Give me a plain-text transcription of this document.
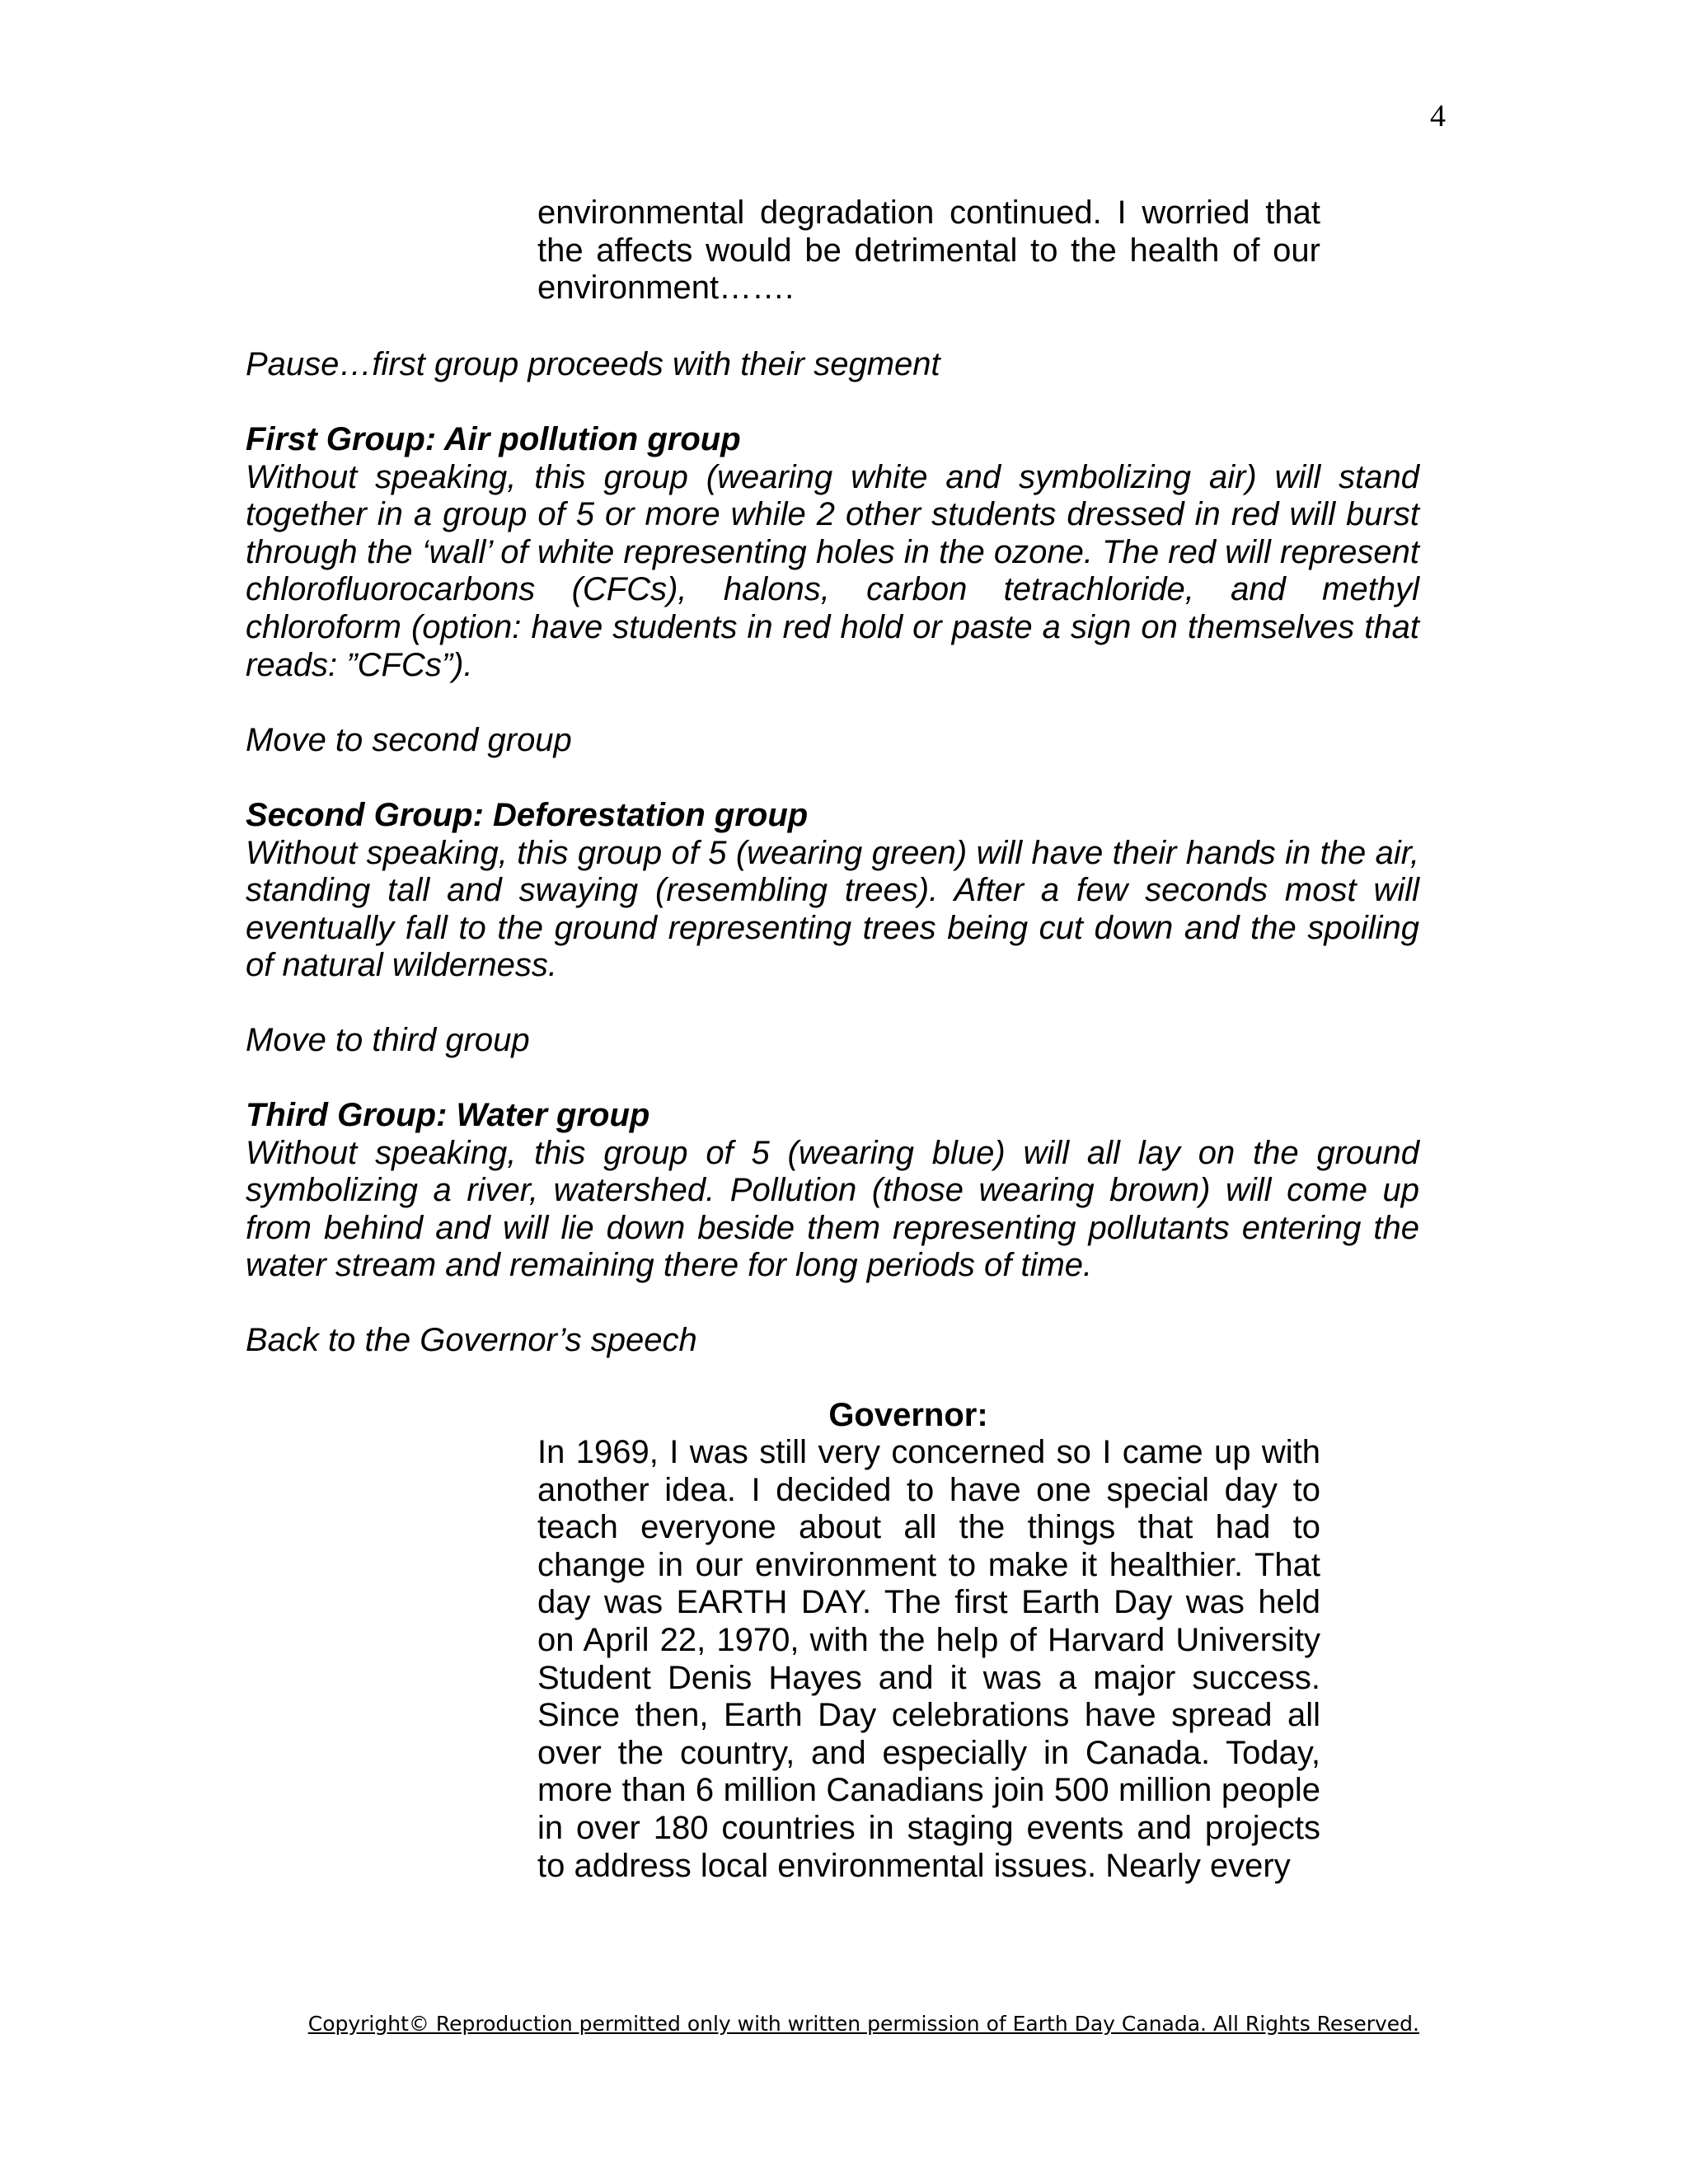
4
environmental degradation continued. I worried that the affects would be detrimental to the health of our environment…….
Pause…first group proceeds with their segment
First Group: Air pollution group
Without speaking, this group (wearing white and symbolizing air) will stand together in a group of 5 or more while 2 other students dressed in red will burst through the ‘wall’ of white representing holes in the ozone. The red will represent chlorofluorocarbons (CFCs), halons, carbon tetrachloride, and methyl chloroform (option: have students in red hold or paste a sign on themselves that reads: ”CFCs”).
Move to second group
Second Group: Deforestation group
Without speaking, this group of 5 (wearing green) will have their hands in the air, standing tall and swaying (resembling trees). After a few seconds most will eventually fall to the ground representing trees being cut down and the spoiling of natural wilderness.
Move to third group
Third Group: Water group
Without speaking, this group of 5 (wearing blue) will all lay on the ground symbolizing a river, watershed. Pollution (those wearing brown) will come up from behind and will lie down beside them representing pollutants entering the water stream and remaining there for long periods of time.
Back to the Governor’s speech
Governor:
In 1969, I was still very concerned so I came up with another idea. I decided to have one special day to teach everyone about all the things that had to change in our environment to make it healthier. That day was EARTH DAY. The first Earth Day was held on April 22, 1970, with the help of Harvard University Student Denis Hayes and it was a major success. Since then, Earth Day celebrations have spread all over the country, and especially in Canada. Today, more than 6 million Canadians join 500 million people in over 180 countries in staging events and projects to address local environmental issues. Nearly every
Copyright© Reproduction permitted only with written permission of Earth Day Canada. All Rights Reserved.
